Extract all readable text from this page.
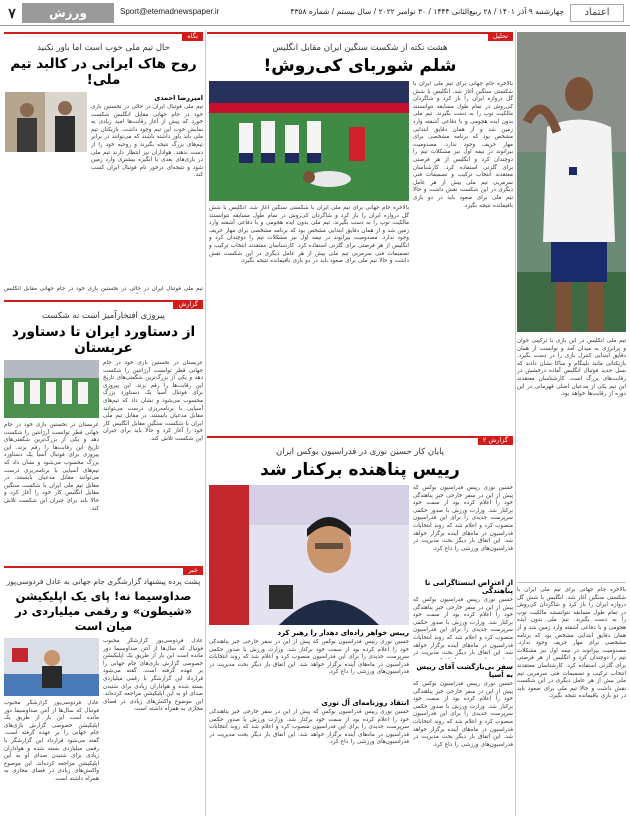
اعتماد
چهارشنبه ۹ آذر ۱۴۰۱ / ۲۸ ربیع‌الثانی ۱۴۴۴ / ۳۰ نوامبر ۲۰۲۲ / سال بیستم / شماره ۴۳۵۸
Sport@etemadnewspaper.ir
ورزش
۷
تیم ملی انگلیس در این بازی با ترکیبی جوان و پرانرژی به میدان آمد و توانست از همان دقایق ابتدایی کنترل بازی را در دست بگیرد. بازیکنانی مانند بلینگام و ساکا نشان دادند که نسل جدید فوتبال انگلیس آماده درخشش در رقابت‌های بزرگ است. کارشناسان معتقدند این تیم یکی از مدعیان اصلی قهرمانی در این دوره از رقابت‌ها خواهد بود.
بالاخره جام جهانی برای تیم ملی ایران با شکستی سنگین آغاز شد. انگلیس با شش گل دروازه ایران را باز کرد و شاگردان کی‌روش در تمام طول مسابقه نتوانستند مالکیت توپ را به دست بگیرند. تیم ملی بدون ایده هجومی و با دفاعی آشفته وارد زمین شد و از همان دقایق ابتدایی مشخص بود که برنامه مشخصی برای مهار حریف وجود ندارد. مصدومیت بیرانوند در نیمه اول نیز مشکلات تیم را دوچندان کرد و انگلیس از هر فرصتی برای گلزنی استفاده کرد. کارشناسان معتقدند انتخاب ترکیب و تصمیمات فنی سرمربی تیم ملی بیش از هر عامل دیگری در این شکست نقش داشت و حالا تیم ملی برای صعود باید در دو بازی باقیمانده نتیجه بگیرد.
تحلیل
هشت نکته از شکست سنگین ایران مقابل انگلیس
شلم شوربای کی‌روش!
بالاخره جام جهانی برای تیم ملی ایران با شکستی سنگین آغاز شد. انگلیس با شش گل دروازه ایران را باز کرد و شاگردان کی‌روش در تمام طول مسابقه نتوانستند مالکیت توپ را به دست بگیرند. تیم ملی بدون ایده هجومی و با دفاعی آشفته وارد زمین شد و از همان دقایق ابتدایی مشخص بود که برنامه مشخصی برای مهار حریف وجود ندارد. مصدومیت بیرانوند در نیمه اول نیز مشکلات تیم را دوچندان کرد و انگلیس از هر فرصتی برای گلزنی استفاده کرد. کارشناسان معتقدند انتخاب ترکیب و تصمیمات فنی سرمربی تیم ملی بیش از هر عامل دیگری در این شکست نقش داشت و حالا تیم ملی برای صعود باید در دو بازی باقیمانده نتیجه بگیرد.
بالاخره جام جهانی برای تیم ملی ایران با شکستی سنگین آغاز شد. انگلیس با شش گل دروازه ایران را باز کرد و شاگردان کی‌روش در تمام طول مسابقه نتوانستند مالکیت توپ را به دست بگیرند. تیم ملی بدون ایده هجومی و با دفاعی آشفته وارد زمین شد و از همان دقایق ابتدایی مشخص بود که برنامه مشخصی برای مهار حریف وجود ندارد. مصدومیت بیرانوند در نیمه اول نیز مشکلات تیم را دوچندان کرد و انگلیس از هر فرصتی برای گلزنی استفاده کرد. کارشناسان معتقدند انتخاب ترکیب و تصمیمات فنی سرمربی تیم ملی بیش از هر عامل دیگری در این شکست نقش داشت و حالا تیم ملی برای صعود باید در دو بازی باقیمانده نتیجه بگیرد.
نگاه
حال تیم ملی خوب است اما باور نکنید
روح هاک ایرانی در کالبد تیم ملی!
امیررضا احمدی
تیم ملی فوتبال ایران در حالی در نخستین بازی خود در جام جهانی مقابل انگلیس شکست خورد که پیش از آغاز رقابت‌ها امید زیادی به نمایش خوب این تیم وجود داشت. بازیکنان تیم ملی باید باور داشته باشند که می‌توانند در برابر تیم‌های بزرگ نتیجه بگیرند و روحیه خود را از دست ندهند. هواداران نیز انتظار دارند تیم ملی در بازی‌های بعدی با انگیزه بیشتری وارد زمین شود و نتیجه‌ای درخور نام فوتبال ایران کسب کند.
تیم ملی فوتبال ایران در حالی در نخستین بازی خود در جام جهانی مقابل انگلیس
گزارش
پیروزی افتخارآمیز است نه شکست
از دستاورد ایران تا دستاورد عربستان
عربستان در نخستین بازی خود در جام جهانی قطر توانست آرژانتین را شکست دهد و یکی از بزرگ‌ترین شگفتی‌های تاریخ این رقابت‌ها را رقم بزند. این پیروزی برای فوتبال آسیا یک دستاورد بزرگ محسوب می‌شود و نشان داد که تیم‌های آسیایی با برنامه‌ریزی درست می‌توانند مقابل مدعیان بایستند. در مقابل تیم ملی ایران با شکست سنگین مقابل انگلیس کار خود را آغاز کرد و حالا باید برای جبران این شکست تلاش کند.
عربستان در نخستین بازی خود در جام جهانی قطر توانست آرژانتین را شکست دهد و یکی از بزرگ‌ترین شگفتی‌های تاریخ این رقابت‌ها را رقم بزند. این پیروزی برای فوتبال آسیا یک دستاورد بزرگ محسوب می‌شود و نشان داد که تیم‌های آسیایی با برنامه‌ریزی درست می‌توانند مقابل مدعیان بایستند. در مقابل تیم ملی ایران با شکست سنگین مقابل انگلیس کار خود را آغاز کرد و حالا باید برای جبران این شکست تلاش کند.
گزارش ۲
پایان کار حسین نوری در فدراسیون بوکس ایران
رییس پناهنده برکنار شد
حسین نوری رییس فدراسیون بوکس که پیش از این در سفر خارجی خبر پناهندگی خود را اعلام کرده بود از سمت خود برکنار شد. وزارت ورزش با صدور حکمی سرپرست جدیدی را برای این فدراسیون منصوب کرد و اعلام شد که روند انتخابات فدراسیون در ماه‌های آینده برگزار خواهد شد. این اتفاق بار دیگر بحث مدیریت در فدراسیون‌های ورزشی را داغ کرد.
از اعتراض اینستاگرامی تا پناهندگی
حسین نوری رییس فدراسیون بوکس که پیش از این در سفر خارجی خبر پناهندگی خود را اعلام کرده بود از سمت خود برکنار شد. وزارت ورزش با صدور حکمی سرپرست جدیدی را برای این فدراسیون منصوب کرد و اعلام شد که روند انتخابات فدراسیون در ماه‌های آینده برگزار خواهد شد. این اتفاق بار دیگر بحث مدیریت در
سفر بی‌بازگشت آقای رییس به آسیا
حسین نوری رییس فدراسیون بوکس که پیش از این در سفر خارجی خبر پناهندگی خود را اعلام کرده بود از سمت خود برکنار شد. وزارت ورزش با صدور حکمی سرپرست جدیدی را برای این فدراسیون منصوب کرد و اعلام شد که روند انتخابات فدراسیون در ماه‌های آینده برگزار خواهد شد. این اتفاق بار دیگر بحث مدیریت در فدراسیون‌های ورزشی را داغ کرد.
رییس خواهر زاده‌ای دهدار را رهبر کرد
حسین نوری رییس فدراسیون بوکس که پیش از این در سفر خارجی خبر پناهندگی خود را اعلام کرده بود از سمت خود برکنار شد. وزارت ورزش با صدور حکمی سرپرست جدیدی را برای این فدراسیون منصوب کرد و اعلام شد که روند انتخابات فدراسیون در ماه‌های آینده برگزار خواهد شد. این اتفاق بار دیگر بحث مدیریت در فدراسیون‌های ورزشی را داغ کرد.
انتقاد روزنامه‌ای آل توری
حسین نوری رییس فدراسیون بوکس که پیش از این در سفر خارجی خبر پناهندگی خود را اعلام کرده بود از سمت خود برکنار شد. وزارت ورزش با صدور حکمی سرپرست جدیدی را برای این فدراسیون منصوب کرد و اعلام شد که روند انتخابات فدراسیون در ماه‌های آینده برگزار خواهد شد. این اتفاق بار دیگر بحث مدیریت در فدراسیون‌های ورزشی را داغ کرد.
خبر
پشت پرده پیشنهاد گزارشگری جام جهانی به عادل فردوسی‌پور
صداوسیما نه! پای یک اپلیکیشن «شیطون» و رقمی میلیاردی در میان است
عادل فردوسی‌پور گزارشگر محبوب فوتبال که سال‌ها از آنتن صداوسیما دور مانده است این بار از طریق یک اپلیکیشن خصوصی گزارش بازی‌های جام جهانی را بر عهده گرفته است. گفته می‌شود قرارداد این گزارشگر با رقمی میلیاردی بسته شده و هواداران زیادی برای شنیدن صدای او به این اپلیکیشن مراجعه کرده‌اند. این موضوع واکنش‌های زیادی در فضای مجازی به همراه داشته است.
عادل فردوسی‌پور گزارشگر محبوب فوتبال که سال‌ها از آنتن صداوسیما دور مانده است این بار از طریق یک اپلیکیشن خصوصی گزارش بازی‌های جام جهانی را بر عهده گرفته است. گفته می‌شود قرارداد این گزارشگر با رقمی میلیاردی بسته شده و هواداران زیادی برای شنیدن صدای او به این اپلیکیشن مراجعه کرده‌اند. این موضوع واکنش‌های زیادی در فضای مجازی به همراه داشته است.
